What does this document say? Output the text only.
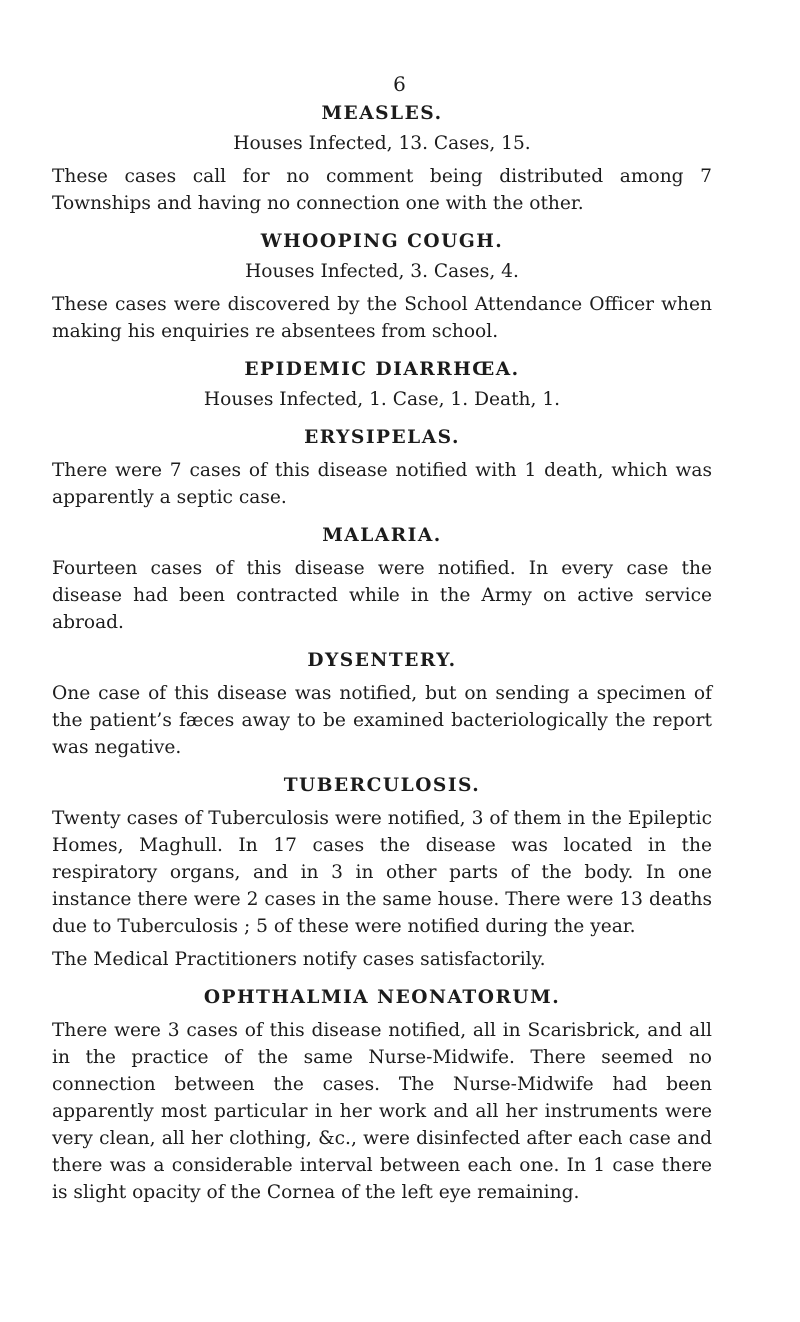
6
MEASLES.
Houses Infected, 13. Cases, 15.

These cases call for no comment being distributed among 7 Townships and having no connection one with the other.

WHOOPING COUGH.
Houses Infected, 3. Cases, 4.

These cases were discovered by the School Attendance Officer when making his enquiries re absentees from school.

EPIDEMIC DIARRHŒA.
Houses Infected, 1. Case, 1. Death, 1.
ERYSIPELAS.

There were 7 cases of this disease notified with 1 death, which was apparently a septic case.

MALARIA.

Fourteen cases of this disease were notified. In every case the disease had been contracted while in the Army on active service abroad.

DYSENTERY.

One case of this disease was notified, but on sending a specimen of the patient’s fæces away to be examined bacteriologically the report was negative.

TUBERCULOSIS.

Twenty cases of Tuberculosis were notified, 3 of them in the Epileptic Homes, Maghull. In 17 cases the disease was located in the respiratory organs, and in 3 in other parts of the body. In one instance there were 2 cases in the same house. There were 13 deaths due to Tuberculosis ; 5 of these were notified during the year.

The Medical Practitioners notify cases satisfactorily.

OPHTHALMIA NEONATORUM.

There were 3 cases of this disease notified, all in Scarisbrick, and all in the practice of the same Nurse-Midwife. There seemed no connection between the cases. The Nurse-Midwife had been apparently most particular in her work and all her instruments were very clean, all her clothing, &c., were disinfected after each case and there was a considerable interval between each one. In 1 case there is slight opacity of the Cornea of the left eye remaining.
